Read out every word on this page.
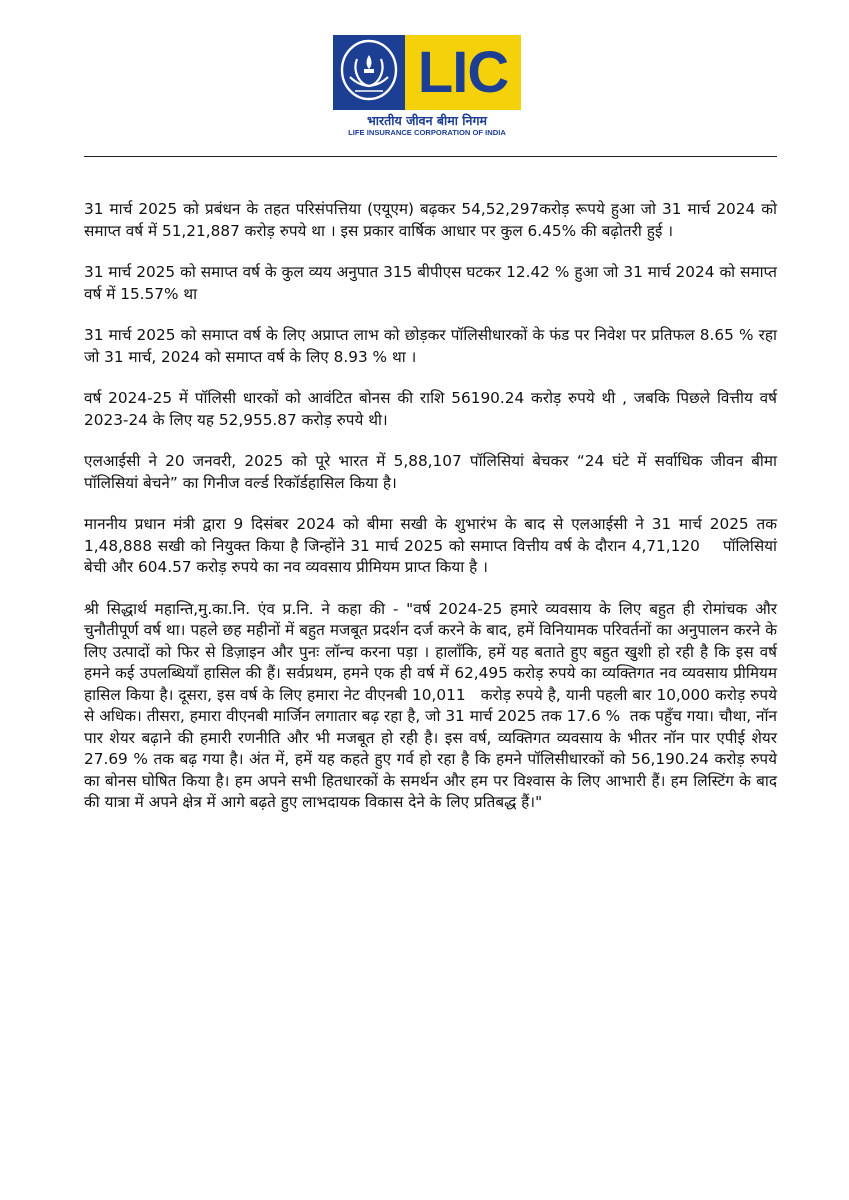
LIC
भारतीय जीवन बीमा निगम
LIFE INSURANCE CORPORATION OF INDIA

31 मार्च 2025 को प्रबंधन के तहत परिसंपत्तिया (एयूएम) बढ़कर 54,52,297करोड़ रूपये हुआ जो 31 मार्च 2024 को समाप्त वर्ष में 51,21,887 करोड़ रुपये था । इस प्रकार वार्षिक आधार पर कुल 6.45% की बढ़ोतरी हुई ।

31 मार्च 2025 को समाप्त वर्ष के कुल व्यय अनुपात 315 बीपीएस घटकर 12.42 % हुआ जो 31 मार्च 2024 को समाप्त वर्ष में 15.57% था

31 मार्च 2025 को समाप्त वर्ष के लिए अप्राप्त लाभ को छोड़कर पॉलिसीधारकों के फंड पर निवेश पर प्रतिफल 8.65 % रहा जो 31 मार्च, 2024 को समाप्त वर्ष के लिए 8.93 % था ।

वर्ष 2024-25 में पॉलिसी धारकों को आवंटित बोनस की राशि 56190.24 करोड़ रुपये थी , जबकि पिछले वित्तीय वर्ष 2023-24 के लिए यह 52,955.87 करोड़ रुपये थी।

एलआईसी ने 20 जनवरी, 2025 को पूरे भारत में 5,88,107 पॉलिसियां बेचकर “24 घंटे में सर्वाधिक जीवन बीमा पॉलिसियां बेचने” का गिनीज वर्ल्ड रिकॉर्डहासिल किया है।

माननीय प्रधान मंत्री द्वारा 9 दिसंबर 2024 को बीमा सखी के शुभारंभ के बाद से एलआईसी ने 31 मार्च 2025 तक    1,48,888 सखी को नियुक्त किया है जिन्होंने 31 मार्च 2025 को समाप्त वित्तीय वर्ष के दौरान 4,71,120    पॉलिसियां बेची और 604.57 करोड़ रुपये का नव व्यवसाय प्रीमियम प्राप्त किया है ।

श्री सिद्धार्थ महान्ति,मु.का.नि. एंव प्र.नि. ने कहा की - "वर्ष 2024-25 हमारे व्यवसाय के लिए बहुत ही रोमांचक और चुनौतीपूर्ण वर्ष था। पहले छह महीनों में बहुत मजबूत प्रदर्शन दर्ज करने के बाद, हमें विनियामक परिवर्तनों का अनुपालन करने के लिए उत्पादों को फिर से डिज़ाइन और पुनः लॉन्च करना पड़ा । हालाँकि, हमें यह बताते हुए बहुत खुशी हो रही है कि इस वर्ष हमने कई उपलब्धियाँ हासिल की हैं। सर्वप्रथम, हमने एक ही वर्ष में 62,495 करोड़ रुपये का व्यक्तिगत नव व्यवसाय प्रीमियम हासिल किया है। दूसरा, इस वर्ष के लिए हमारा नेट वीएनबी 10,011   करोड़ रुपये है, यानी पहली बार 10,000 करोड़ रुपये से अधिक। तीसरा, हमारा वीएनबी मार्जिन लगातार बढ़ रहा है, जो 31 मार्च 2025 तक 17.6 %  तक पहुँच गया। चौथा, नॉन पार शेयर बढ़ाने की हमारी रणनीति और भी मजबूत हो रही है। इस वर्ष, व्यक्तिगत व्यवसाय के भीतर नॉन पार एपीई शेयर 27.69 % तक बढ़ गया है। अंत में, हमें यह कहते हुए गर्व हो रहा है कि हमने पॉलिसीधारकों को 56,190.24 करोड़ रुपये का बोनस घोषित किया है। हम अपने सभी हितधारकों के समर्थन और हम पर विश्वास के लिए आभारी हैं। हम लिस्टिंग के बाद की यात्रा में अपने क्षेत्र में आगे बढ़ते हुए लाभदायक विकास देने के लिए प्रतिबद्ध हैं।"
